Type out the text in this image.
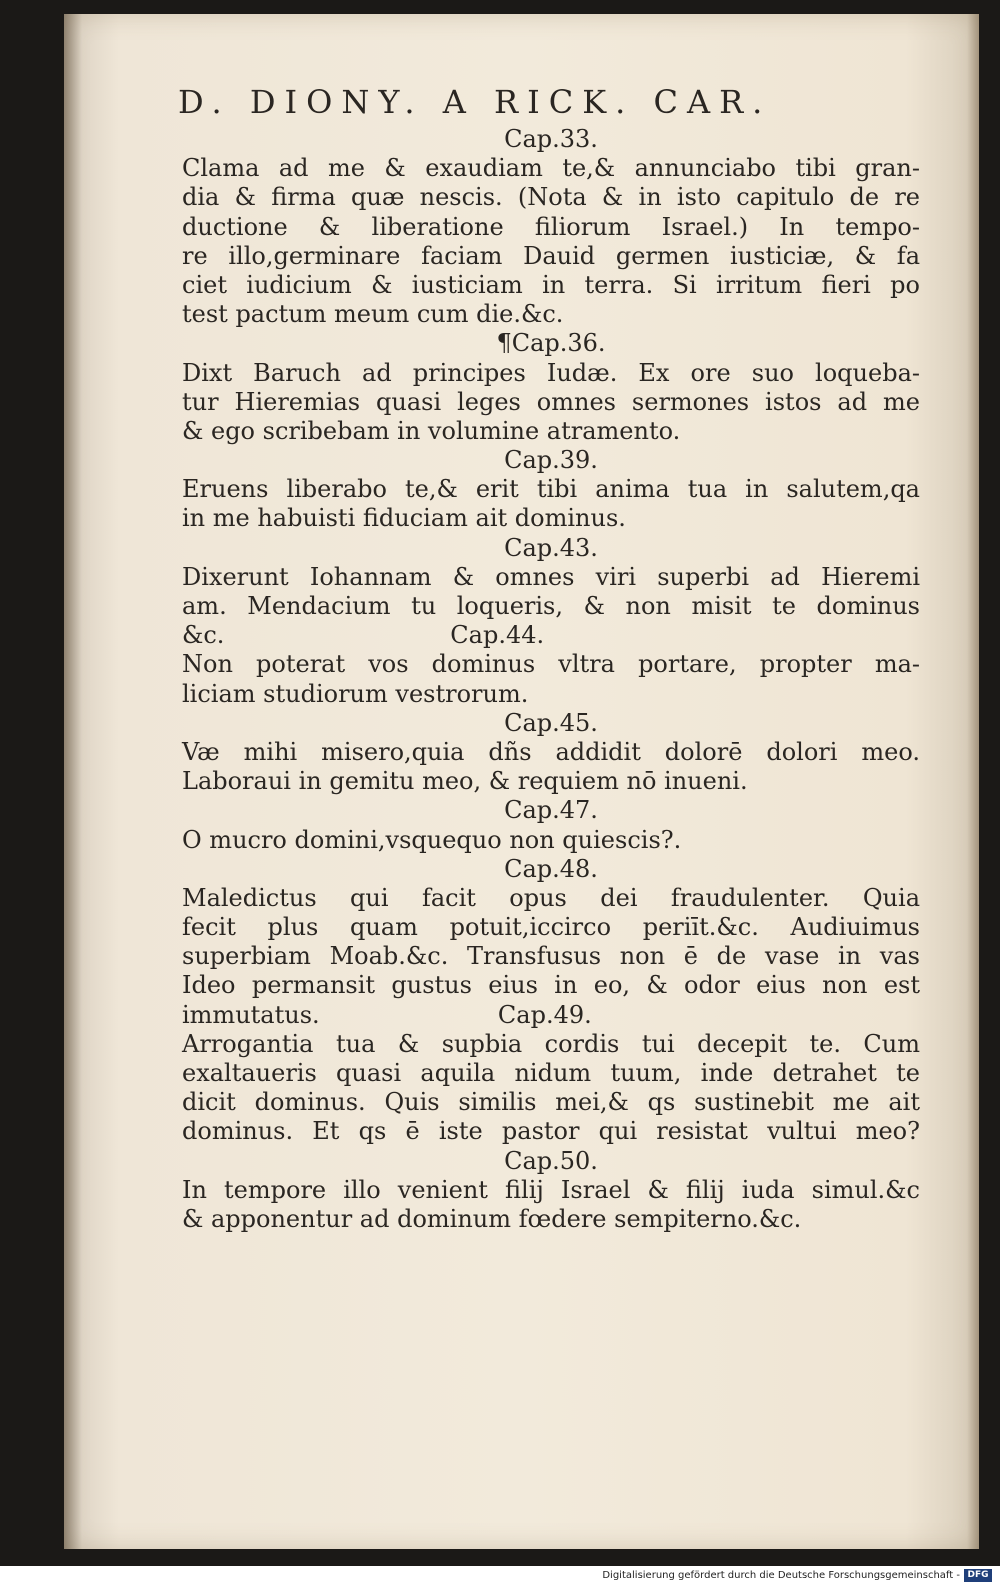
D. DIONY. A RICK. CAR.
Cap.33.
Clama ad me & exaudiam te,& annunciabo tibi gran-
dia & firma quæ nescis. (Nota & in isto capitulo de re
ductione & liberatione filiorum Israel.) In tempo-
re illo,germinare faciam Dauid germen iusticiæ, & fa
ciet iudicium & iusticiam in terra. Si irritum fieri po
test pactum meum cum die.&c.
¶Cap.36.
Dixt Baruch ad principes Iudæ. Ex ore suo loqueba-
tur Hieremias quasi leges omnes sermones istos ad me
& ego scribebam in volumine atramento.
Cap.39.
Eruens liberabo te,& erit tibi anima tua in salutem,qa
in me habuisti fiduciam ait dominus.
Cap.43.
Dixerunt Iohannam & omnes viri superbi ad Hieremi
am. Mendacium tu loqueris, & non misit te dominus
&c.	Cap.44.
Non poterat vos dominus vltra portare, propter ma-
liciam studiorum vestrorum.
Cap.45.
Væ mihi misero,quia dñs addidit dolorē dolori meo.
Laboraui in gemitu meo, & requiem nō inueni.
Cap.47.
O mucro domini,vsquequo non quiescis?.
Cap.48.
Maledictus qui facit opus dei fraudulenter. Quia
fecit plus quam potuit,iccirco periīt.&c. Audiuimus
superbiam Moab.&c. Transfusus non ē de vase in vas
Ideo permansit gustus eius in eo, & odor eius non est
immutatus.	Cap.49.
Arrogantia tua & supbia cordis tui decepit te. Cum
exaltaueris quasi aquila nidum tuum, inde detrahet te
dicit dominus. Quis similis mei,& qs sustinebit me ait
dominus. Et qs ē iste pastor qui resistat vultui meo?
Cap.50.
In tempore illo venient filij Israel & filij iuda simul.&c
& apponentur ad dominum fœdere sempiterno.&c.
Digitalisierung gefördert durch die Deutsche Forschungsgemeinschaft - DFG
